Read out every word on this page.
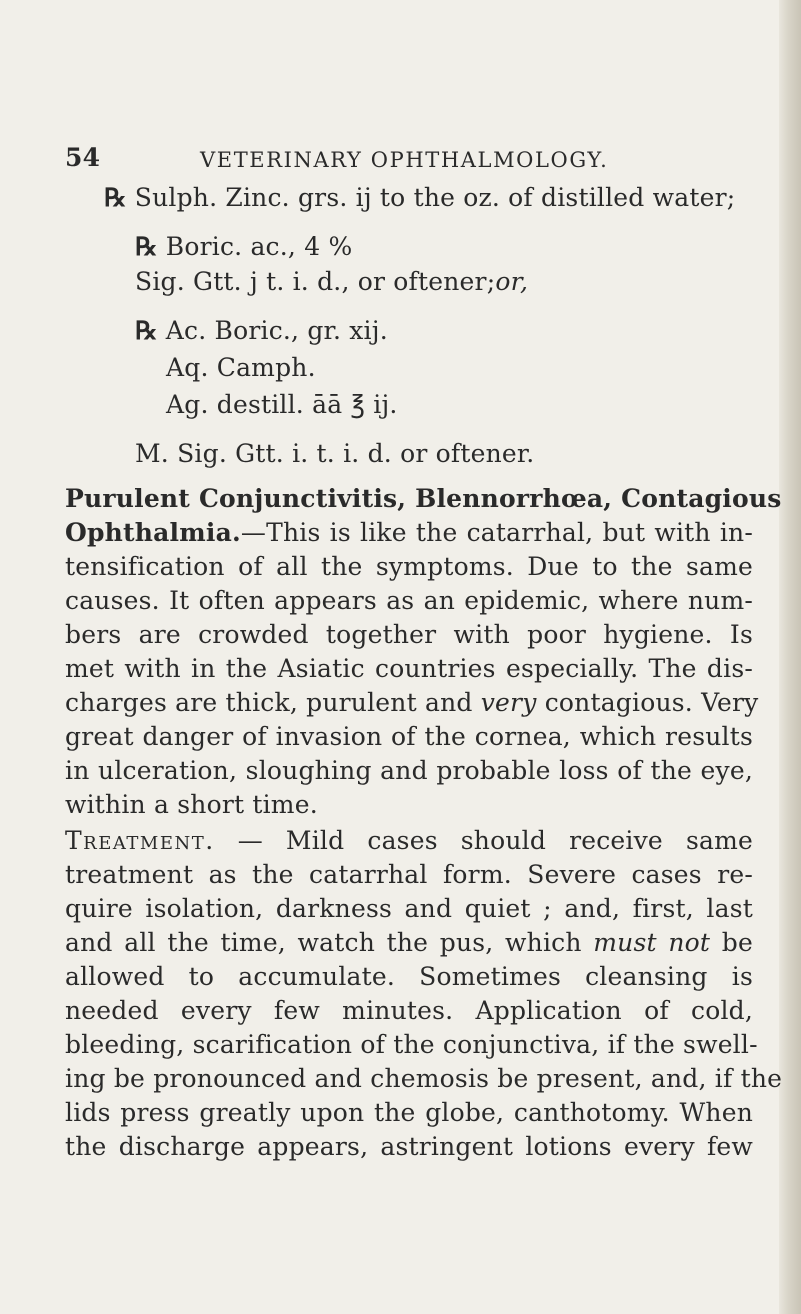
54	VETERINARY OPHTHALMOLOGY.
℞ Sulph. Zinc. grs. ij to the oz. of distilled water;
℞ Boric. ac., 4 %
Sig. Gtt. j t. i. d., or oftener;or,
℞ Ac. Boric., gr. xij.
Aq. Camph.
Ag. destill. āā ℥ ij.
M. Sig. Gtt. i. t. i. d. or oftener.
Purulent Conjunctivitis, Blennorrhœa, Contagious
Ophthalmia.—This is like the catarrhal, but with in-
tensification of all the symptoms. Due to the same
causes. It often appears as an epidemic, where num-
bers are crowded together with poor hygiene. Is
met with in the Asiatic countries especially. The dis-
charges are thick, purulent and very contagious. Very
great danger of invasion of the cornea, which results
in ulceration, sloughing and probable loss of the eye,
within a short time.
Treatment. — Mild cases should receive same
treatment as the catarrhal form. Severe cases re-
quire isolation, darkness and quiet ; and, first, last
and all the time, watch the pus, which must not be
allowed to accumulate. Sometimes cleansing is
needed every few minutes. Application of cold,
bleeding, scarification of the conjunctiva, if the swell-
ing be pronounced and chemosis be present, and, if the
lids press greatly upon the globe, canthotomy. When
the discharge appears, astringent lotions every few
